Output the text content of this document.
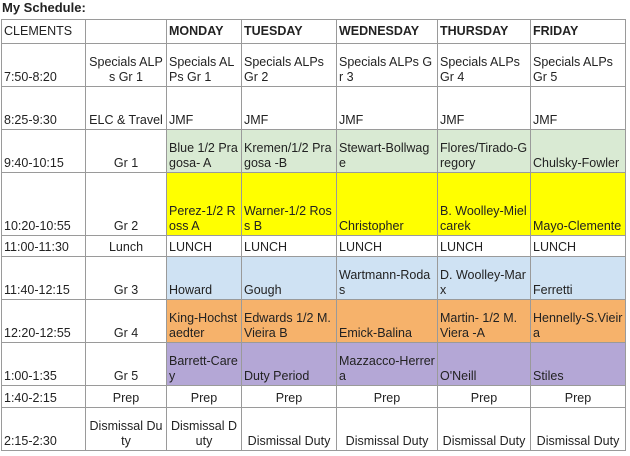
My Schedule:
CLEMENTS		MONDAY	TUESDAY	WEDNESDAY	THURSDAY	FRIDAY
7:50-8:20	Specials ALPs Gr 1	Specials ALPs Gr 1	Specials ALPs Gr 2	Specials ALPs Gr 3	Specials ALPs Gr 4	Specials ALPs Gr 5
8:25-9:30	ELC & Travel	JMF	JMF	JMF	JMF	JMF
9:40-10:15	Gr 1	Blue 1/2 Pragosa- A	Kremen/1/2 Pragosa -B	Stewart-Bollwage	Flores/Tirado-Gregory	Chulsky-Fowler
10:20-10:55	Gr 2	Perez-1/2 Ross A	Warner-1/2 Ross B	Christopher	B. Woolley-Mielcarek	Mayo-Clemente
11:00-11:30	Lunch	LUNCH	LUNCH	LUNCH	LUNCH	LUNCH
11:40-12:15	Gr 3	Howard	Gough	Wartmann-Rodas	D. Woolley-Marx	Ferretti
12:20-12:55	Gr 4	King-Hochstaedter	Edwards 1/2 M. Vieira B	Emick-Balina	Martin- 1/2 M. Viera -A	Hennelly-S.Vieira
1:00-1:35	Gr 5	Barrett-Carey	Duty Period	Mazzacco-Herrera	O'Neill	Stiles
1:40-2:15	Prep	Prep	Prep	Prep	Prep	Prep
2:15-2:30	Dismissal Duty	Dismissal Duty	Dismissal Duty	Dismissal Duty	Dismissal Duty	Dismissal Duty
